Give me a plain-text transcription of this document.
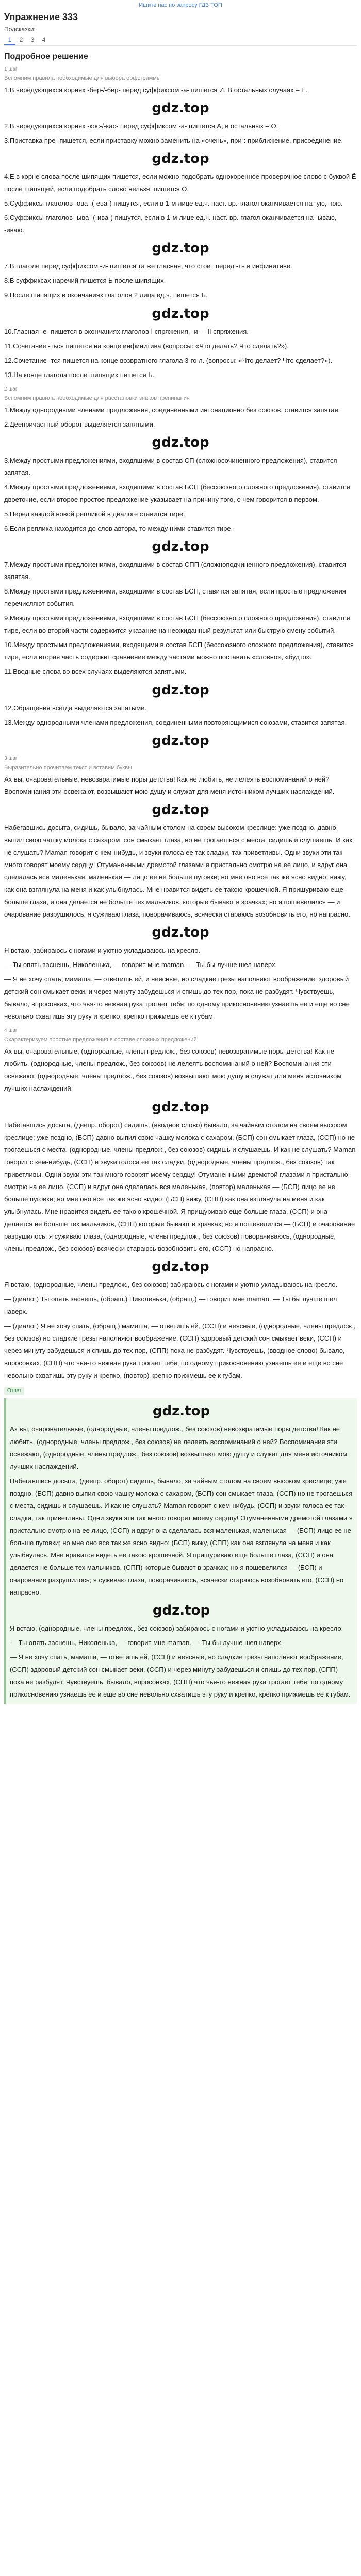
Ищите нас по запросу ГДЗ ТОП
Упражнение 333
Подсказки:
1	2	3	4
Подробное решение
1 шаг
Вспомним правила необходимые для выбора орфограммы

1.В чередующихся корнях -бер-/-бир- перед суффиксом -а- пишется И. В остальных случаях – Е.

gdz.top

2.В чередующихся корнях -кос-/-кас- перед суффиксом -а- пишется А, в остальных – О.

3.Приставка пре- пишется, если приставку можно заменить на «очень», при-: приближение, присоединение.

gdz.top

4.Е в корне слова после шипящих пишется, если можно подобрать однокоренное проверочное слово с буквой Ё после шипящей, если подобрать слово нельзя, пишется О.

5.Суффиксы глаголов -ова- (-ева-) пишутся, если в 1-м лице ед.ч. наст. вр. глагол оканчивается на -ую, -юю.

6.Суффиксы глаголов -ыва- (-ива-) пишутся, если в 1-м лице ед.ч. наст. вр. глагол оканчивается на -ываю, -иваю.

gdz.top

7.В глаголе перед суффиксом -и- пишется та же гласная, что стоит перед -ть в инфинитиве.

8.В суффиксах наречий пишется Ь после шипящих.

9.После шипящих в окончаниях глаголов 2 лица ед.ч. пишется Ь.

gdz.top

10.Гласная -е- пишется в окончаниях глаголов I спряжения, -и- – II спряжения.

11.Сочетание -ться пишется на конце инфинитива (вопросы: «Что делать? Что сделать?»).

12.Сочетание -тся пишется на конце возвратного глагола 3-го л. (вопросы: «Что делает? Что сделает?»).

13.На конце глагола после шипящих пишется Ь.

2 шаг
Вспомним правила необходимые для расстановки знаков препинания

1.Между однородными членами предложения, соединенными интонационно без союзов, ставится запятая.

2.Деепричастный оборот выделяется запятыми.

gdz.top

3.Между простыми предложениями, входящими в состав СП (сложносочиненного предложения), ставится запятая.

4.Между простыми предложениями, входящими в состав БСП (бессоюзного сложного предложения), ставится двоеточие, если второе простое предложение указывает на причину того, о чем говорится в первом.

5.Перед каждой новой репликой в диалоге ставится тире.

6.Если реплика находится до слов автора, то между ними ставится тире.

gdz.top

7.Между простыми предложениями, входящими в состав СПП (сложноподчиненного предложения), ставится запятая.

8.Между простыми предложениями, входящими в состав БСП, ставится запятая, если простые предложения перечисляют события.

9.Между простыми предложениями, входящими в состав БСП (бессоюзного сложного предложения), ставится тире, если во второй части содержится указание на неожиданный результат или быструю смену событий.

10.Между простыми предложениями, входящими в состав БСП (бессоюзного сложного предложения), ставится тире, если вторая часть содержит сравнение между частями можно поставить «словно», «будто».

11.Вводные слова во всех случаях выделяются запятыми.

gdz.top

12.Обращения всегда выделяются запятыми.

13.Между однородными членами предложения, соединенными повторяющимися союзами, ставится запятая.

gdz.top
3 шаг
Выразительно прочитаем текст и вставим буквы

Ах вы, очаровательные, невозвратимые поры детства! Как не любить, не лелеять воспоминаний о ней? Воспоминания эти освежают, возвышают мою душу и служат для меня источником лучших наслаждений.

gdz.top

Набегавшись досыта, сидишь, бывало, за чайным столом на своем высоком креслице; уже поздно, давно выпил свою чашку молока с сахаром, сон смыкает глаза, но не трогаешься с места, сидишь и слушаешь. И как не слушать? Maman говорит с кем-нибудь, и звуки голоса ее так сладки, так приветливы. Одни звуки эти так много говорят моему сердцу! Отуманенными дремотой глазами я пристально смотрю на ее лицо, и вдруг она сделалась вся маленькая, маленькая — лицо ее не больше пуговки; но мне оно все так же ясно видно: вижу, как она взглянула на меня и как улыбнулась. Мне нравится видеть ее такою крошечной. Я прищуриваю еще больше глаза, и она делается не больше тех мальчиков, которые бывают в зрачках; но я пошевелился — и очарование разрушилось; я суживаю глаза, поворачиваюсь, всячески стараюсь возобновить его, но напрасно.

gdz.top

Я встаю, забираюсь с ногами и уютно укладываюсь на кресло.

— Ты опять заснешь, Николенька, — говорит мне maman. — Ты бы лучше шел наверх.

— Я не хочу спать, мамаша, — ответишь ей, и неясные, но сладкие грезы наполняют воображение, здоровый детский сон смыкает веки, и через минуту забудешься и спишь до тех пор, пока не разбудят. Чувствуешь, бывало, впросонках, что чья-то нежная рука трогает тебя; по одному прикосновению узнаешь ее и еще во сне невольно схватишь эту руку и крепко, крепко прижмешь ее к губам.

4 шаг
Охарактеризуем простые предложения в составе сложных предложений

Ах вы, очаровательные, (однородные, члены предлож., без союзов) невозвратимые поры детства! Как не любить, (однородные, члены предлож., без союзов) не лелеять воспоминаний о ней? Воспоминания эти освежают, (однородные, члены предлож., без союзов) возвышают мою душу и служат для меня источником лучших наслаждений.

gdz.top

Набегавшись досыта, (деепр. оборот) сидишь, (вводное слово) бывало, за чайным столом на своем высоком креслице; уже поздно, (БСП) давно выпил свою чашку молока с сахаром, (БСП) сон смыкает глаза, (ССП) но не трогаешься с места, (однородные, члены предлож., без союзов) сидишь и слушаешь. И как не слушать? Maman говорит с кем-нибудь, (ССП) и звуки голоса ее так сладки, (однородные, члены предлож., без союзов) так приветливы. Одни звуки эти так много говорят моему сердцу! Отуманенными дремотой глазами я пристально смотрю на ее лицо, (ССП) и вдруг она сделалась вся маленькая, (повтор) маленькая — (БСП) лицо ее не больше пуговки; но мне оно все так же ясно видно: (БСП) вижу, (СПП) как она взглянула на меня и как улыбнулась. Мне нравится видеть ее такою крошечной. Я прищуриваю еще больше глаза, (ССП) и она делается не больше тех мальчиков, (СПП) которые бывают в зрачках; но я пошевелился — (БСП) и очарование разрушилось; я суживаю глаза, (однородные, члены предлож., без союзов) поворачиваюсь, (однородные, члены предлож., без союзов) всячески стараюсь возобновить его, (ССП) но напрасно.

gdz.top

Я встаю, (однородные, члены предлож., без союзов) забираюсь с ногами и уютно укладываюсь на кресло.

— (диалог) Ты опять заснешь, (обращ.) Николенька, (обращ.) — говорит мне maman. — Ты бы лучше шел наверх.

— (диалог) Я не хочу спать, (обращ.) мамаша, — ответишь ей, (ССП) и неясные, (однородные, члены предлож., без союзов) но сладкие грезы наполняют воображение, (ССП) здоровый детский сон смыкает веки, (ССП) и через минуту забудешься и спишь до тех пор, (СПП) пока не разбудят. Чувствуешь, (вводное слово) бывало, впросонках, (СПП) что чья-то нежная рука трогает тебя; по одному прикосновению узнаешь ее и еще во сне невольно схватишь эту руку и крепко, (повтор) крепко прижмешь ее к губам.

Ответ
gdz.top

Ах вы, очаровательные, (однородные, члены предлож., без союзов) невозвратимые поры детства! Как не любить, (однородные, члены предлож., без союзов) не лелеять воспоминаний о ней? Воспоминания эти освежают, (однородные, члены предлож., без союзов) возвышают мою душу и служат для меня источником лучших наслаждений.

Набегавшись досыта, (деепр. оборот) сидишь, бывало, за чайным столом на своем высоком креслице; уже поздно, (БСП) давно выпил свою чашку молока с сахаром, (БСП) сон смыкает глаза, (ССП) но не трогаешься с места, сидишь и слушаешь. И как не слушать? Maman говорит с кем-нибудь, (ССП) и звуки голоса ее так сладки, так приветливы. Одни звуки эти так много говорят моему сердцу! Отуманенными дремотой глазами я пристально смотрю на ее лицо, (ССП) и вдруг она сделалась вся маленькая, маленькая — (БСП) лицо ее не больше пуговки; но мне оно все так же ясно видно: (БСП) вижу, (СПП) как она взглянула на меня и как улыбнулась. Мне нравится видеть ее такою крошечной. Я прищуриваю еще больше глаза, (ССП) и она делается не больше тех мальчиков, (СПП) которые бывают в зрачках; но я пошевелился — (БСП) и очарование разрушилось; я суживаю глаза, поворачиваюсь, всячески стараюсь возобновить его, (ССП) но напрасно.

gdz.top

Я встаю, (однородные, члены предлож., без союзов) забираюсь с ногами и уютно укладываюсь на кресло.

— Ты опять заснешь, Николенька, — говорит мне maman. — Ты бы лучше шел наверх.

— Я не хочу спать, мамаша, — ответишь ей, (ССП) и неясные, но сладкие грезы наполняют воображение, (ССП) здоровый детский сон смыкает веки, (ССП) и через минуту забудешься и спишь до тех пор, (СПП) пока не разбудят. Чувствуешь, бывало, впросонках, (СПП) что чья-то нежная рука трогает тебя; по одному прикосновению узнаешь ее и еще во сне невольно схватишь эту руку и крепко, крепко прижмешь ее к губам.
